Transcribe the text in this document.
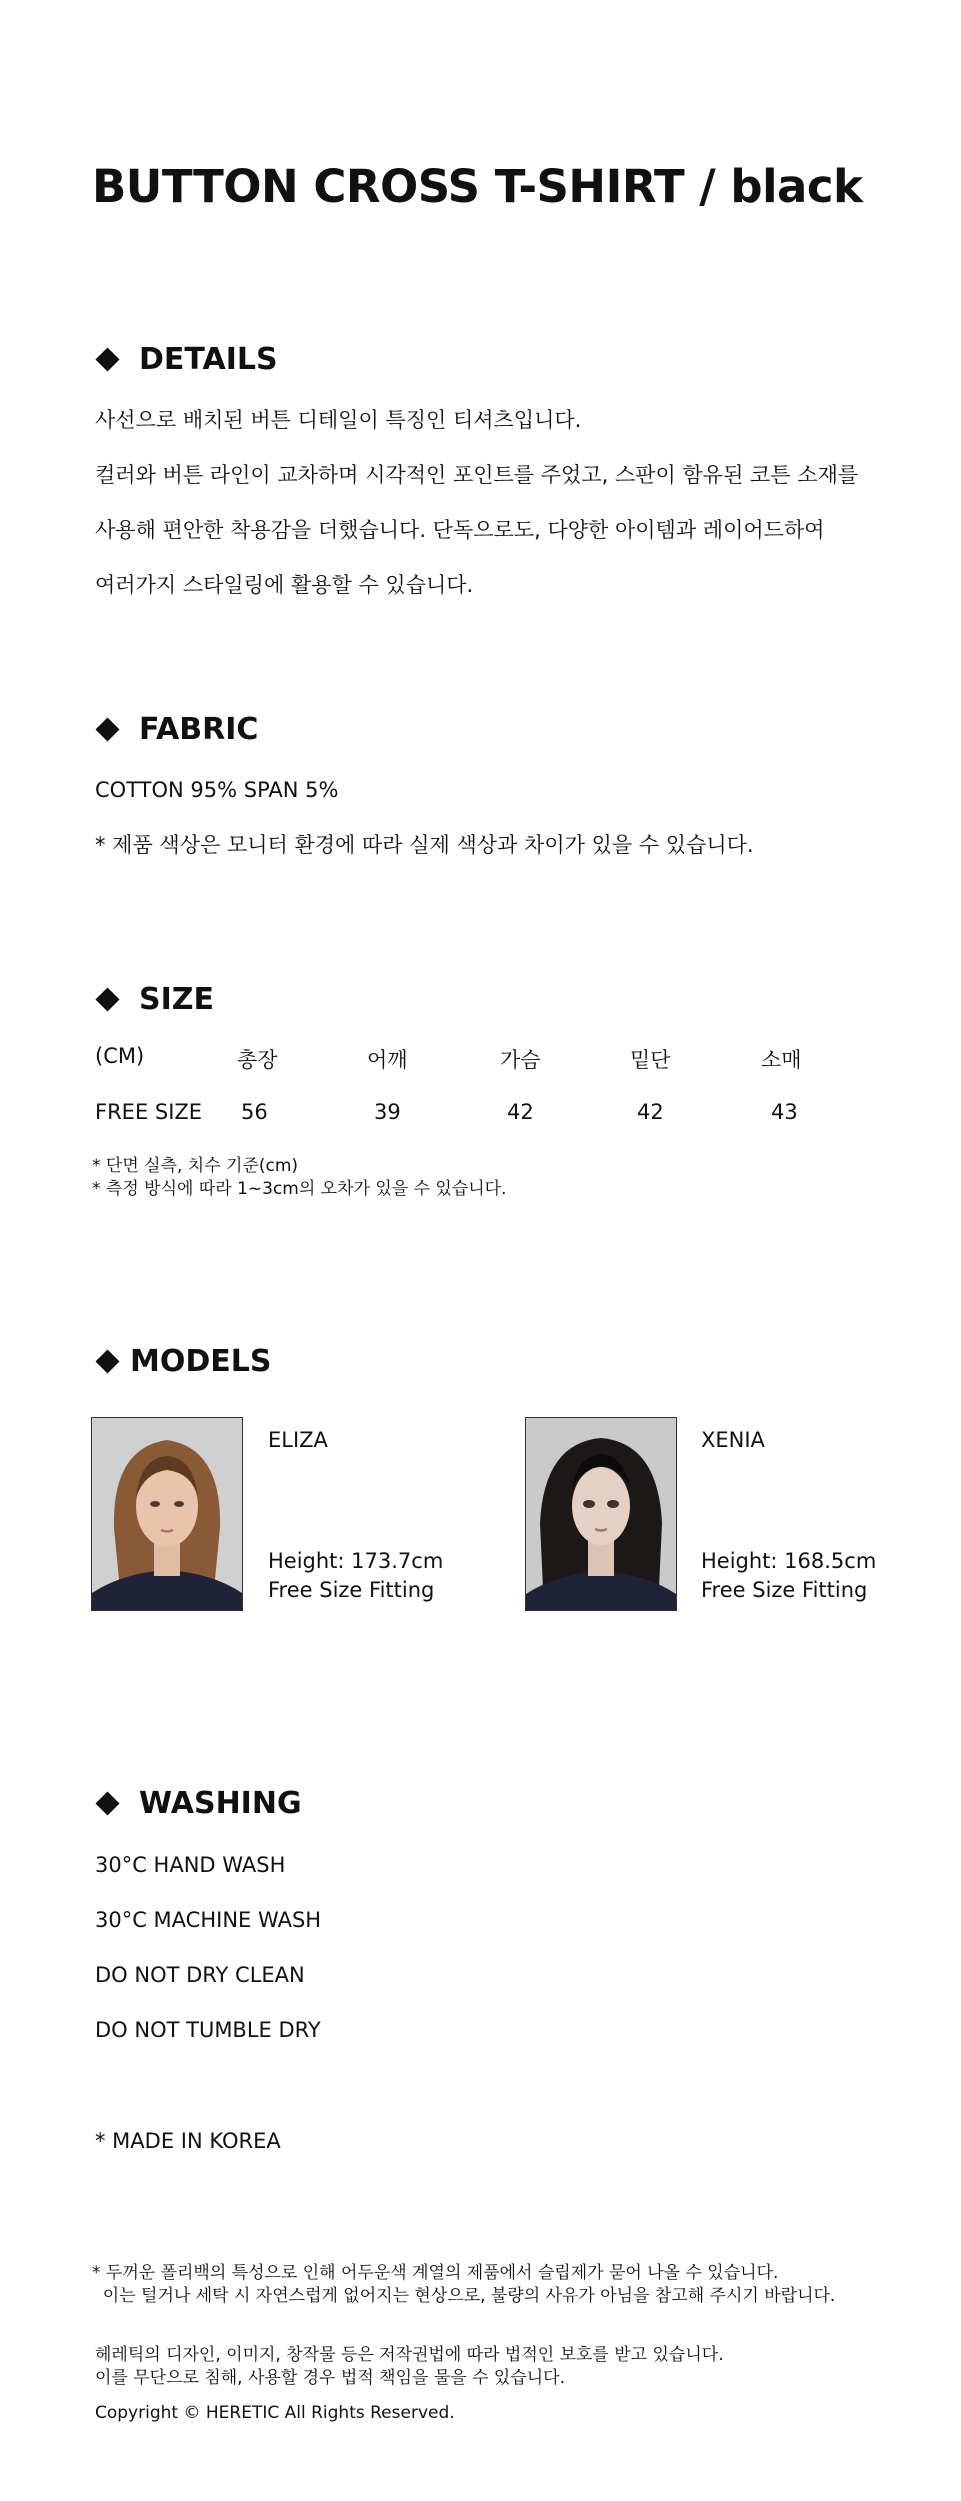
BUTTON CROSS T-SHIRT / black
DETAILS
사선으로 배치된 버튼 디테일이 특징인 티셔츠입니다.
컬러와 버튼 라인이 교차하며 시각적인 포인트를 주었고, 스판이 함유된 코튼 소재를
사용해 편안한 착용감을 더했습니다. 단독으로도, 다양한 아이템과 레이어드하여
여러가지 스타일링에 활용할 수 있습니다.
FABRIC
COTTON 95% SPAN 5%
* 제품 색상은 모니터 환경에 따라 실제 색상과 차이가 있을 수 있습니다.
SIZE
(CM)	총장	어깨	가슴	밑단	소매
FREE SIZE 56	39	42	42	43
* 단면 실측, 치수 기준(cm)
* 측정 방식에 따라 1~3cm의 오차가 있을 수 있습니다.
MODELS
ELIZA
Height: 173.7cm
Free Size Fitting
XENIA
Height: 168.5cm
Free Size Fitting
WASHING
30°C HAND WASH
30°C MACHINE WASH
DO NOT DRY CLEAN
DO NOT TUMBLE DRY
* MADE IN KOREA
* 두꺼운 폴리백의 특성으로 인해 어두운색 계열의 제품에서 슬립제가 묻어 나올 수 있습니다.
이는 털거나 세탁 시 자연스럽게 없어지는 현상으로, 불량의 사유가 아님을 참고해 주시기 바랍니다.
헤레틱의 디자인, 이미지, 창작물 등은 저작권법에 따라 법적인 보호를 받고 있습니다.
이를 무단으로 침해, 사용할 경우 법적 책임을 물을 수 있습니다.
Copyright © HERETIC All Rights Reserved.
